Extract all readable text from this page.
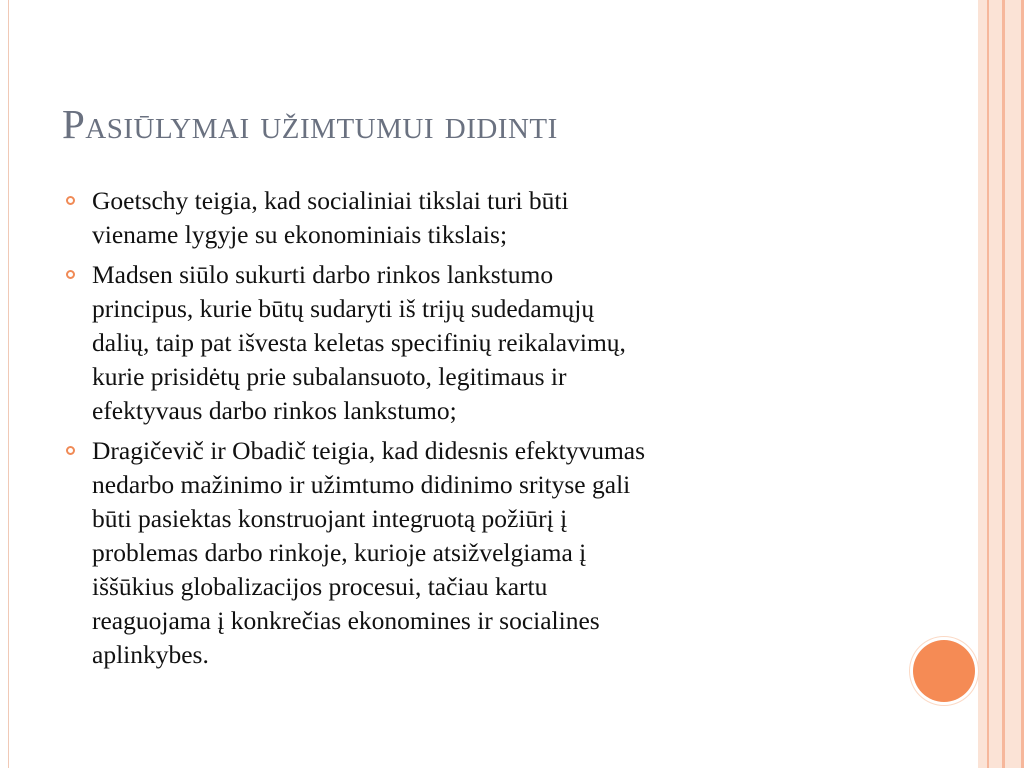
Pasiūlymai užimtumui didinti
Goetschy teigia, kad socialiniai tikslai turi būti
viename lygyje su ekonominiais tikslais;
Madsen siūlo sukurti darbo rinkos lankstumo
principus, kurie būtų sudaryti iš trijų sudedamųjų
dalių, taip pat išvesta keletas specifinių reikalavimų,
kurie prisidėtų prie subalansuoto, legitimaus ir
efektyvaus darbo rinkos lankstumo;
Dragičevič ir Obadič teigia, kad didesnis efektyvumas
nedarbo mažinimo ir užimtumo didinimo srityse gali
būti pasiektas konstruojant integruotą požiūrį į
problemas darbo rinkoje, kurioje atsižvelgiama į
iššūkius globalizacijos procesui, tačiau kartu
reaguojama į konkrečias ekonomines ir socialines
aplinkybes.
